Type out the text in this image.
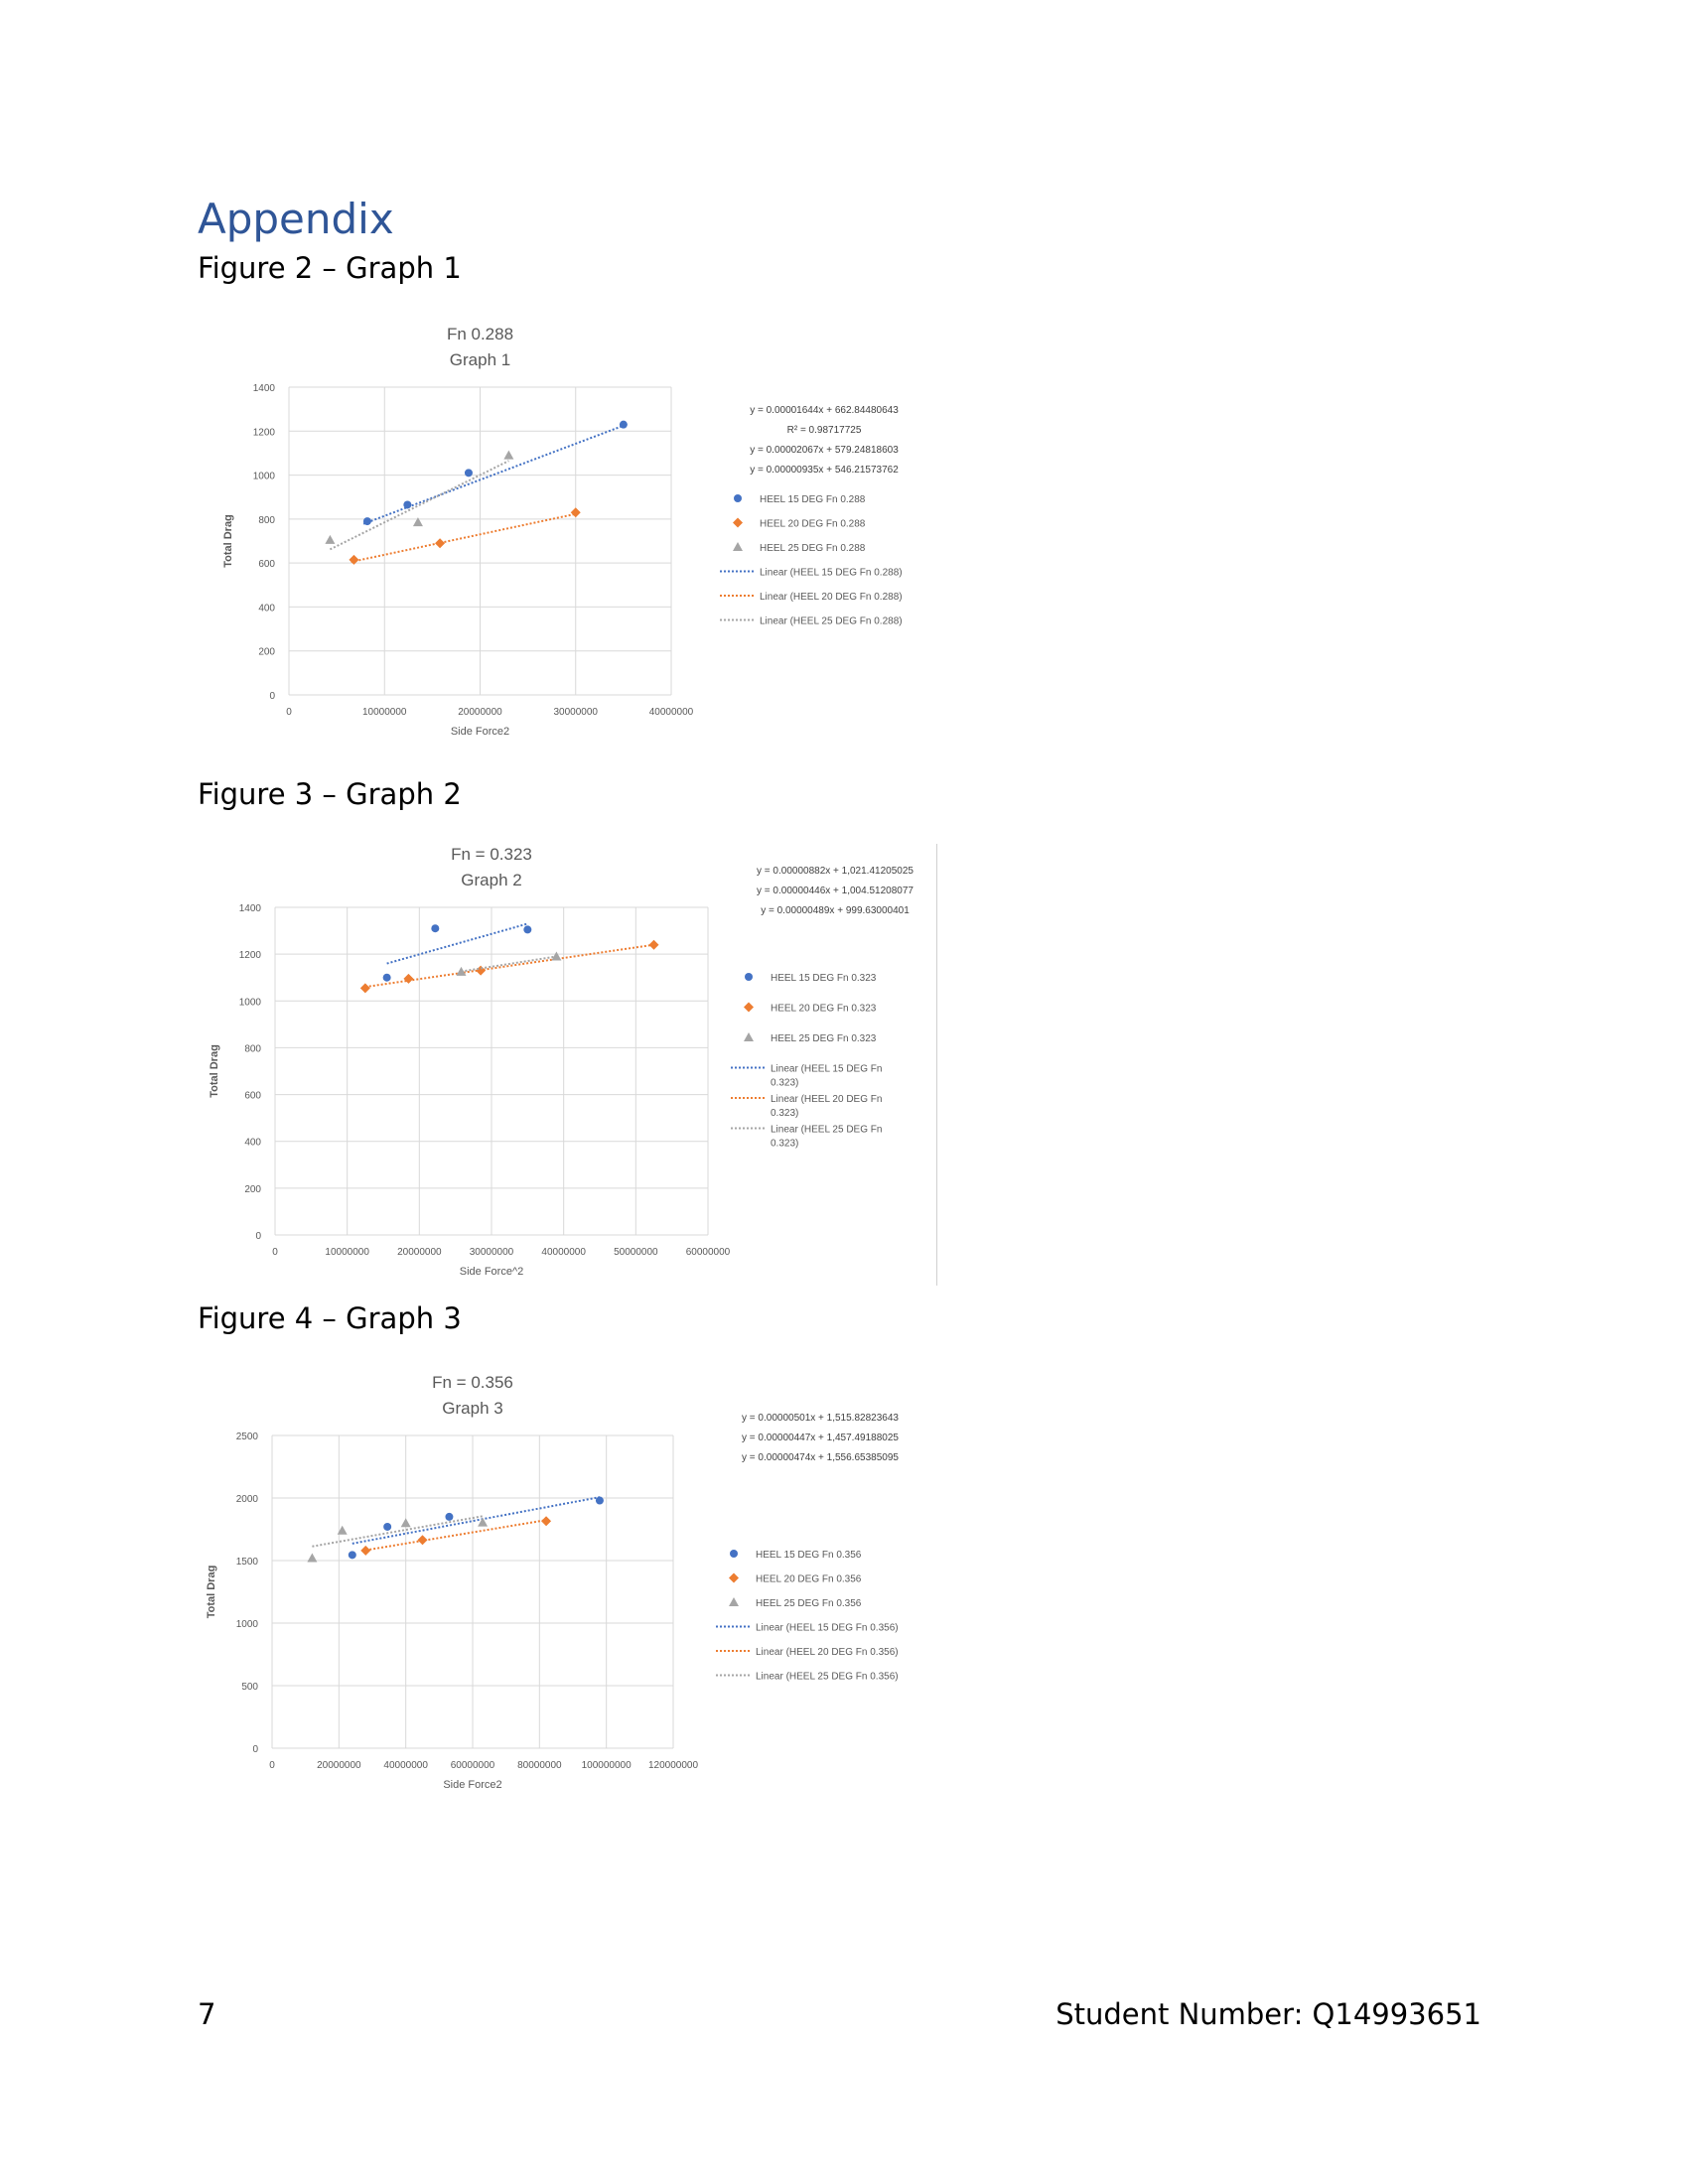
Appendix
Figure 2 – Graph 1
Fn 0.288
Graph 1
0
200
400
600
800
1000
1200
1400
0	10000000	20000000	30000000	40000000
Side Force2
Total Drag
y = 0.00001644x + 662.84480643
R² = 0.98717725
y = 0.00002067x + 579.24818603
y = 0.00000935x + 546.21573762
HEEL 15 DEG Fn 0.288
HEEL 20 DEG Fn 0.288
HEEL 25 DEG Fn 0.288
Linear (HEEL 15 DEG Fn 0.288)
Linear (HEEL 20 DEG Fn 0.288)
Linear (HEEL 25 DEG Fn 0.288)
Figure 3 – Graph 2
Fn = 0.323
Graph 2
0
200
400
600
800
1000
1200
1400
0	10000000	20000000	30000000	40000000	50000000	60000000
Side Force^2
Total Drag
y = 0.00000882x + 1,021.41205025
y = 0.00000446x + 1,004.51208077
y = 0.00000489x + 999.63000401
HEEL 15 DEG Fn 0.323
HEEL 20 DEG Fn 0.323
HEEL 25 DEG Fn 0.323
Linear (HEEL 15 DEG Fn
0.323)
Linear (HEEL 20 DEG Fn
0.323)
Linear (HEEL 25 DEG Fn
0.323)
Figure 4 – Graph 3
Fn = 0.356
Graph 3
0
500
1000
1500
2000
2500
0	20000000 40000000 60000000 80000000 100000000 120000000
Side Force2
Total Drag
y = 0.00000501x + 1,515.82823643
y = 0.00000447x + 1,457.49188025
y = 0.00000474x + 1,556.65385095
HEEL 15 DEG Fn 0.356
HEEL 20 DEG Fn 0.356
HEEL 25 DEG Fn 0.356
Linear (HEEL 15 DEG Fn 0.356)
Linear (HEEL 20 DEG Fn 0.356)
Linear (HEEL 25 DEG Fn 0.356)
7	Student Number: Q14993651
